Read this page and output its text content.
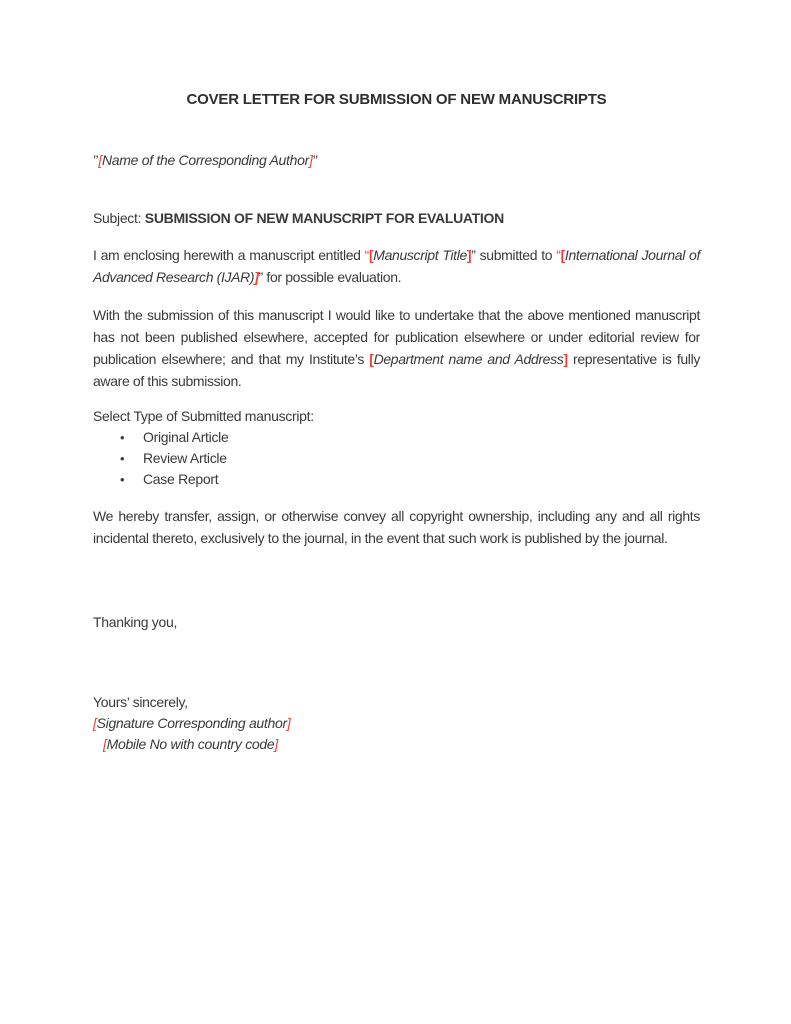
COVER LETTER FOR SUBMISSION OF NEW MANUSCRIPTS
’’[Name of the Corresponding Author]’’
Subject: SUBMISSION OF NEW MANUSCRIPT FOR EVALUATION

I am enclosing herewith a manuscript entitled “[Manuscript Title]” submitted to “[International Journal of Advanced Research (IJAR)]” for possible evaluation.

With the submission of this manuscript I would like to undertake that the above mentioned manuscript has not been published elsewhere, accepted for publication elsewhere or under editorial review for publication elsewhere; and that my Institute’s [Department name and Address] representative is fully aware of this submission.

Select Type of Submitted manuscript:
• Original Article
• Review Article
• Case Report

We hereby transfer, assign, or otherwise convey all copyright ownership, including any and all rights incidental thereto, exclusively to the journal, in the event that such work is published by the journal.

Thanking you,
Yours’ sincerely,
[Signature Corresponding author]
[Mobile No with country code]
